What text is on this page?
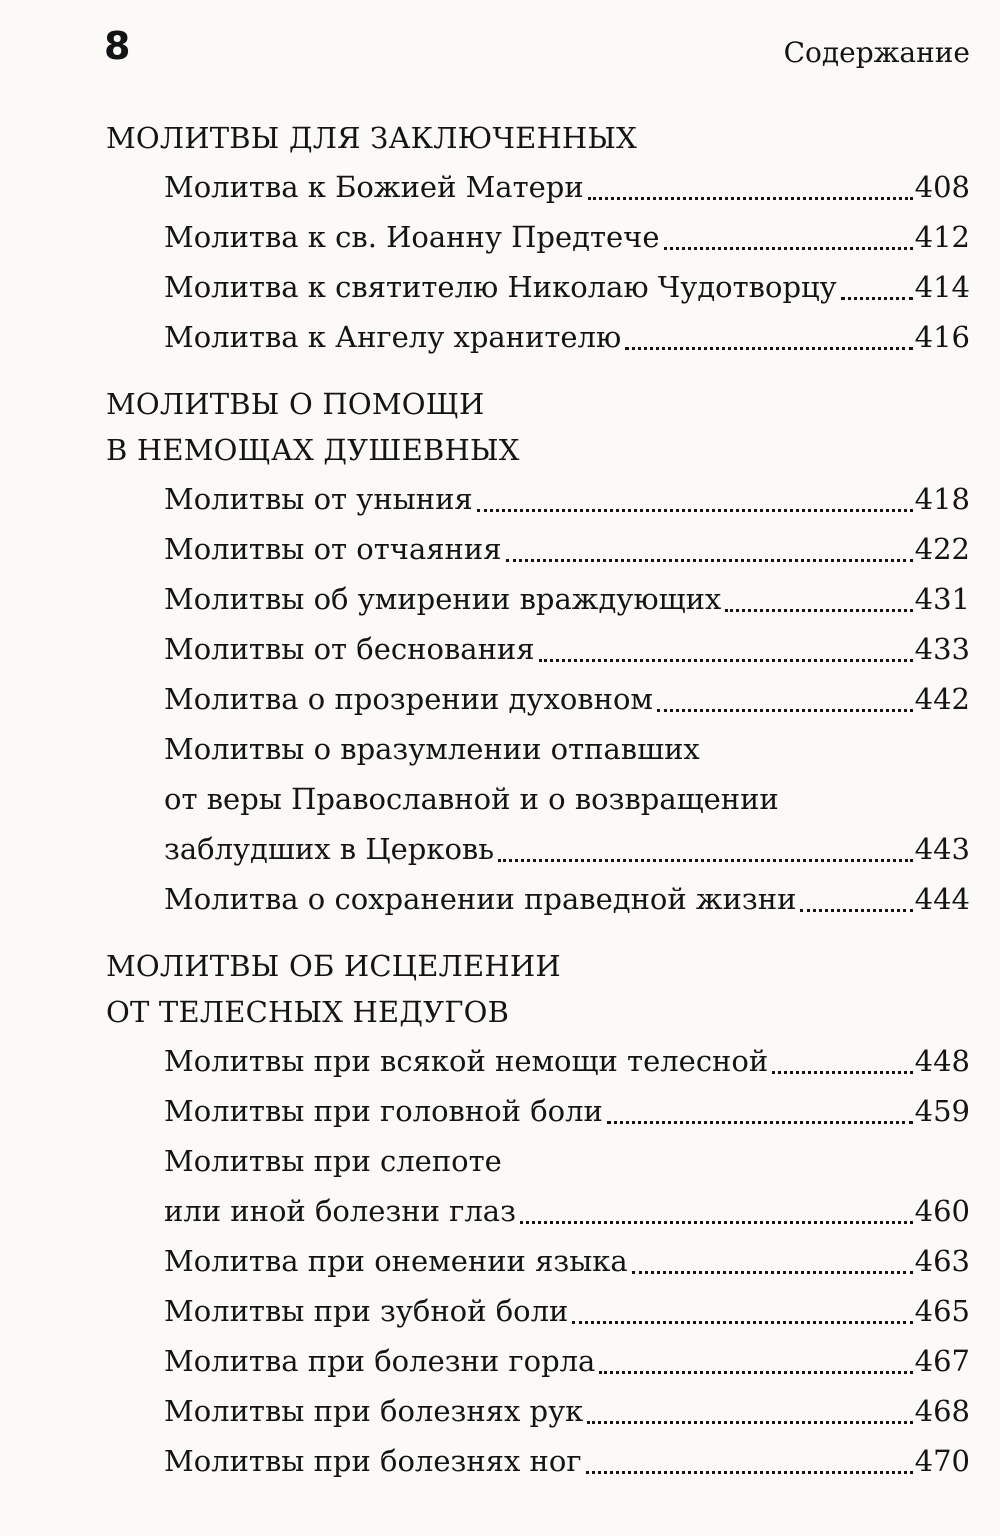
8	Содержание
МОЛИТВЫ ДЛЯ ЗАКЛЮЧЕННЫХ
Молитва к Божией Матери	408
Молитва к св. Иоанну Предтече	412
Молитва к святителю Николаю Чудотворцу	414
Молитва к Ангелу хранителю	416
МОЛИТВЫ О ПОМОЩИ
В НЕМОЩАХ ДУШЕВНЫХ
Молитвы от уныния	418
Молитвы от отчаяния	422
Молитвы об умирении враждующих	431
Молитвы от беснования	433
Молитва о прозрении духовном	442
Молитвы о вразумлении отпавших
от веры Православной и о возвращении
заблудших в Церковь	443
Молитва о сохранении праведной жизни	444
МОЛИТВЫ ОБ ИСЦЕЛЕНИИ
ОТ ТЕЛЕСНЫХ НЕДУГОВ
Молитвы при всякой немощи телесной	448
Молитвы при головной боли	459
Молитвы при слепоте
или иной болезни глаз	460
Молитва при онемении языка	463
Молитвы при зубной боли	465
Молитва при болезни горла	467
Молитвы при болезнях рук	468
Молитвы при болезнях ног	470
